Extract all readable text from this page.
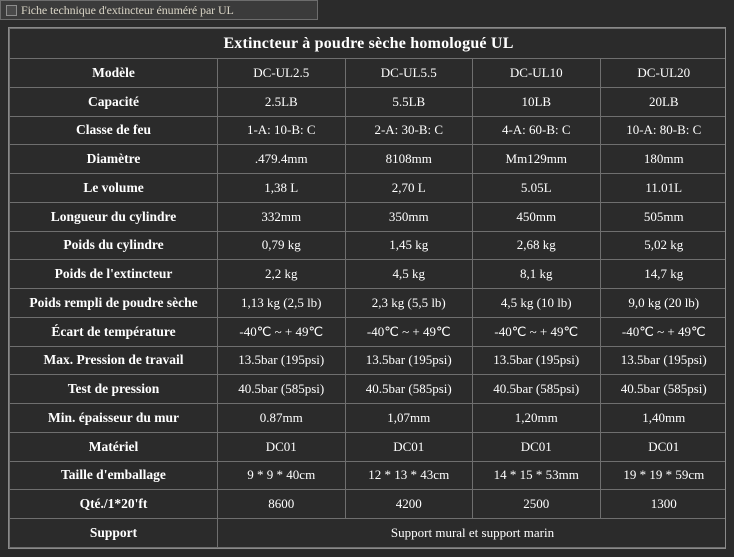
Fiche technique d'extincteur énuméré par UL
Extincteur à poudre sèche homologué UL				
Modèle	DC-UL2.5	DC-UL5.5	DC-UL10	DC-UL20
Capacité	2.5LB	5.5LB	10LB	20LB
Classe de feu	1-A: 10-B: C	2-A: 30-B: C	4-A: 60-B: C	10-A: 80-B: C
Diamètre	.479.4mm	8108mm	Mm129mm	180mm
Le volume	1,38 L	2,70 L	5.05L	11.01L
Longueur du cylindre	332mm	350mm	450mm	505mm
Poids du cylindre	0,79 kg	1,45 kg	2,68 kg	5,02 kg
Poids de l'extincteur	2,2 kg	4,5 kg	8,1 kg	14,7 kg
Poids rempli de poudre sèche	1,13 kg (2,5 lb)	2,3 kg (5,5 lb)	4,5 kg (10 lb)	9,0 kg (20 lb)
Écart de température	-40℃ ~ + 49℃	-40℃ ~ + 49℃	-40℃ ~ + 49℃	-40℃ ~ + 49℃
Max. Pression de travail	13.5bar (195psi)	13.5bar (195psi)	13.5bar (195psi)	13.5bar (195psi)
Test de pression	40.5bar (585psi)	40.5bar (585psi)	40.5bar (585psi)	40.5bar (585psi)
Min. épaisseur du mur	0.87mm	1,07mm	1,20mm	1,40mm
Matériel	DC01	DC01	DC01	DC01
Taille d'emballage	9 * 9 * 40cm	12 * 13 * 43cm	14 * 15 * 53mm	19 * 19 * 59cm
Qté./1*20'ft	8600	4200	2500	1300
Support	Support mural et support marin			
